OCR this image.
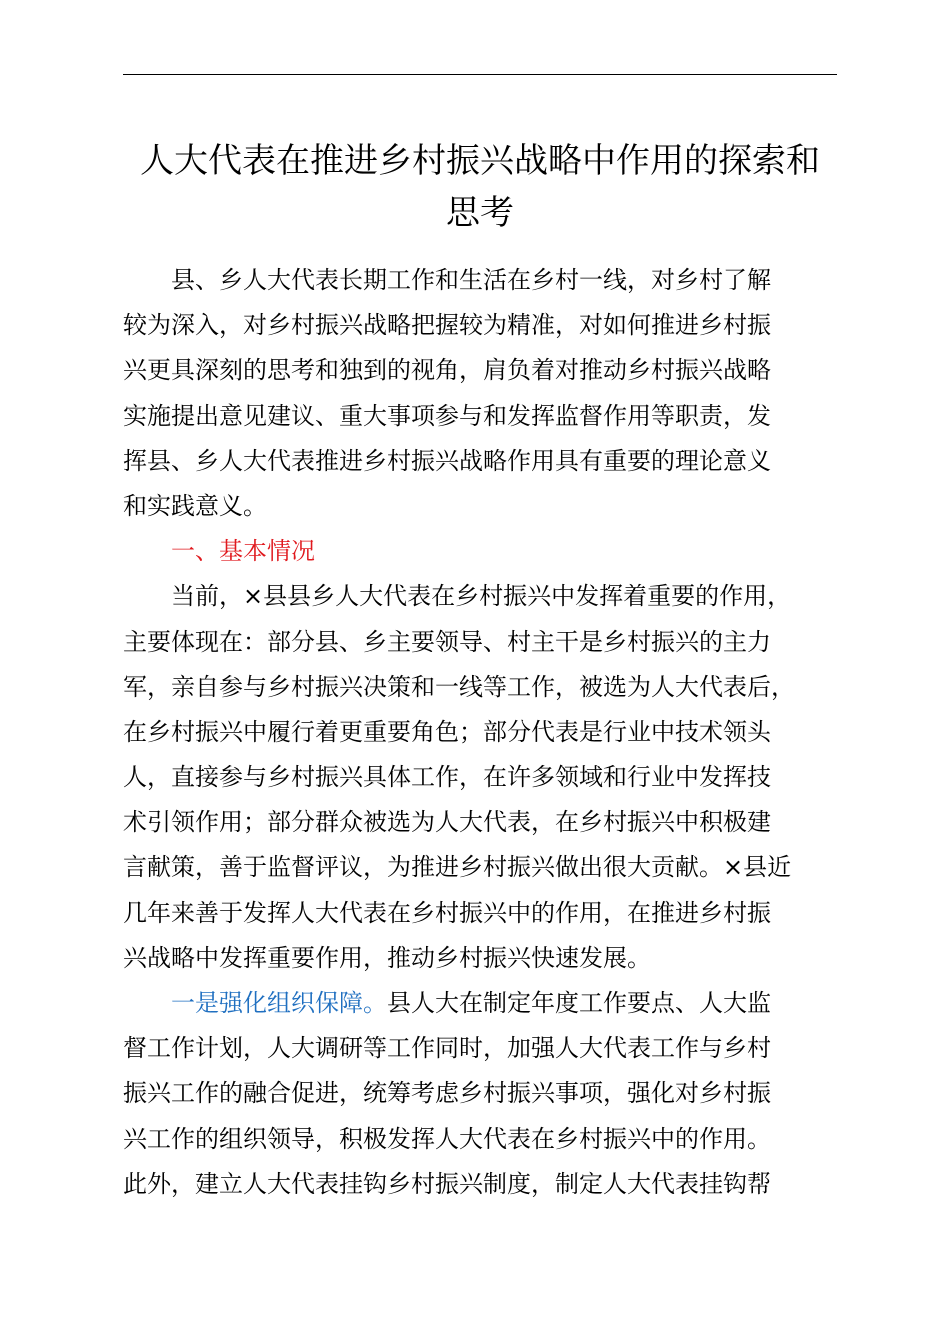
人大代表在推进乡村振兴战略中作用的探索和
思考
县、乡人大代表长期工作和生活在乡村一线，对乡村了解
较为深入，对乡村振兴战略把握较为精准，对如何推进乡村振
兴更具深刻的思考和独到的视角，肩负着对推动乡村振兴战略
实施提出意见建议、重大事项参与和发挥监督作用等职责，发
挥县、乡人大代表推进乡村振兴战略作用具有重要的理论意义
和实践意义。
一、基本情况
当前，×县县乡人大代表在乡村振兴中发挥着重要的作用，
主要体现在：部分县、乡主要领导、村主干是乡村振兴的主力
军，亲自参与乡村振兴决策和一线等工作，被选为人大代表后，
在乡村振兴中履行着更重要角色；部分代表是行业中技术领头
人，直接参与乡村振兴具体工作，在许多领域和行业中发挥技
术引领作用；部分群众被选为人大代表，在乡村振兴中积极建
言献策，善于监督评议，为推进乡村振兴做出很大贡献。×县近
几年来善于发挥人大代表在乡村振兴中的作用，在推进乡村振
兴战略中发挥重要作用，推动乡村振兴快速发展。
一是强化组织保障。县人大在制定年度工作要点、人大监
督工作计划，人大调研等工作同时，加强人大代表工作与乡村
振兴工作的融合促进，统筹考虑乡村振兴事项，强化对乡村振
兴工作的组织领导，积极发挥人大代表在乡村振兴中的作用。
此外，建立人大代表挂钩乡村振兴制度，制定人大代表挂钩帮
